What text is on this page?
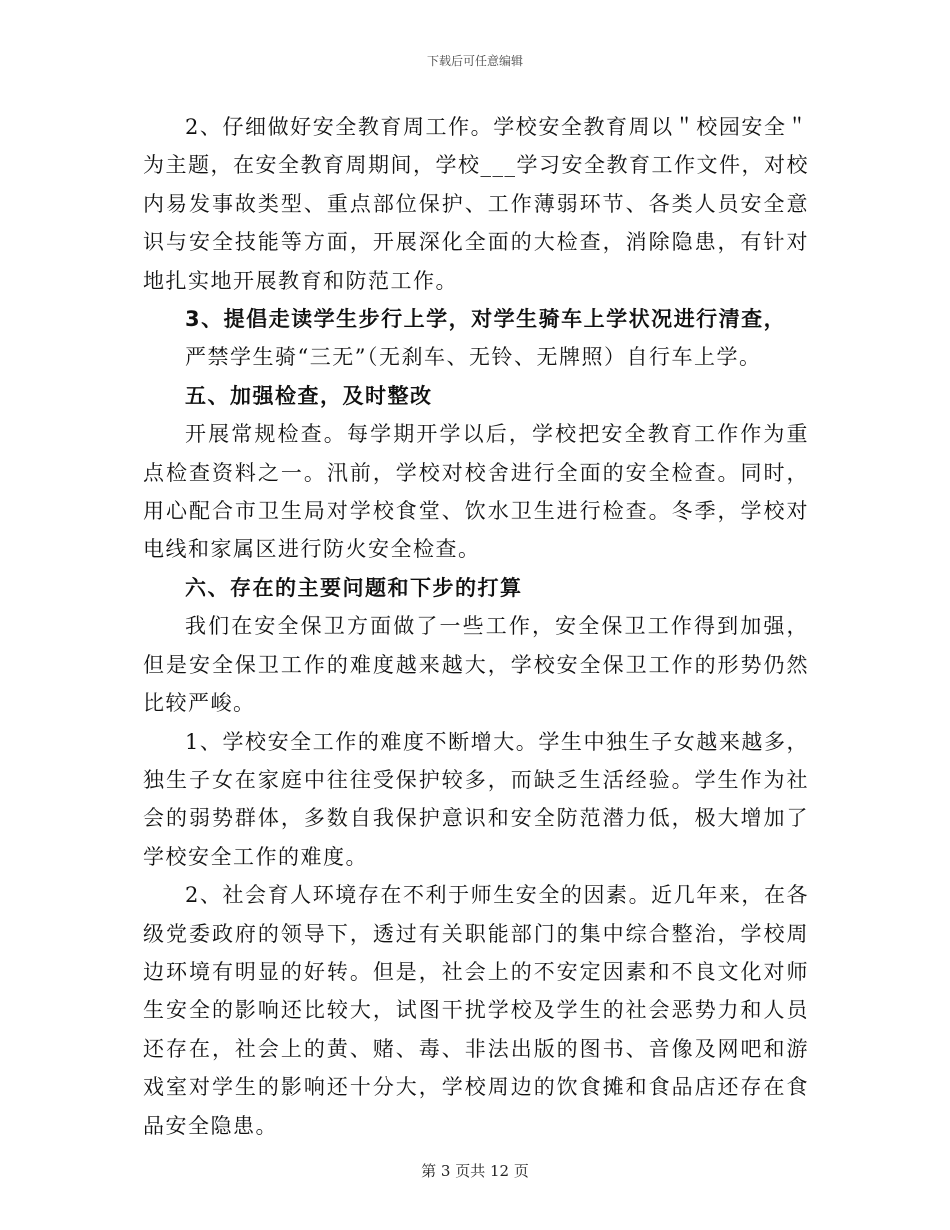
下载后可任意编辑

2、仔细做好安全教育周工作。学校安全教育周以＂校园安全＂为主题，在安全教育周期间，学校___学习安全教育工作文件，对校内易发事故类型、重点部位保护、工作薄弱环节、各类人员安全意识与安全技能等方面，开展深化全面的大检查，消除隐患，有针对地扎实地开展教育和防范工作。

3、提倡走读学生步行上学，对学生骑车上学状况进行清查，

严禁学生骑“三无”（无刹车、无铃、无牌照）自行车上学。

五、加强检查，及时整改

开展常规检查。每学期开学以后，学校把安全教育工作作为重点检查资料之一。汛前，学校对校舍进行全面的安全检查。同时，用心配合市卫生局对学校食堂、饮水卫生进行检查。冬季，学校对电线和家属区进行防火安全检查。

六、存在的主要问题和下步的打算

我们在安全保卫方面做了一些工作，安全保卫工作得到加强，但是安全保卫工作的难度越来越大，学校安全保卫工作的形势仍然比较严峻。

1、学校安全工作的难度不断增大。学生中独生子女越来越多，独生子女在家庭中往往受保护较多，而缺乏生活经验。学生作为社会的弱势群体，多数自我保护意识和安全防范潜力低，极大增加了学校安全工作的难度。

2、社会育人环境存在不利于师生安全的因素。近几年来，在各级党委政府的领导下，透过有关职能部门的集中综合整治，学校周边环境有明显的好转。但是，社会上的不安定因素和不良文化对师生安全的影响还比较大，试图干扰学校及学生的社会恶势力和人员还存在，社会上的黄、赌、毒、非法出版的图书、音像及网吧和游戏室对学生的影响还十分大，学校周边的饮食摊和食品店还存在食品安全隐患。

第 3 页共 12 页
